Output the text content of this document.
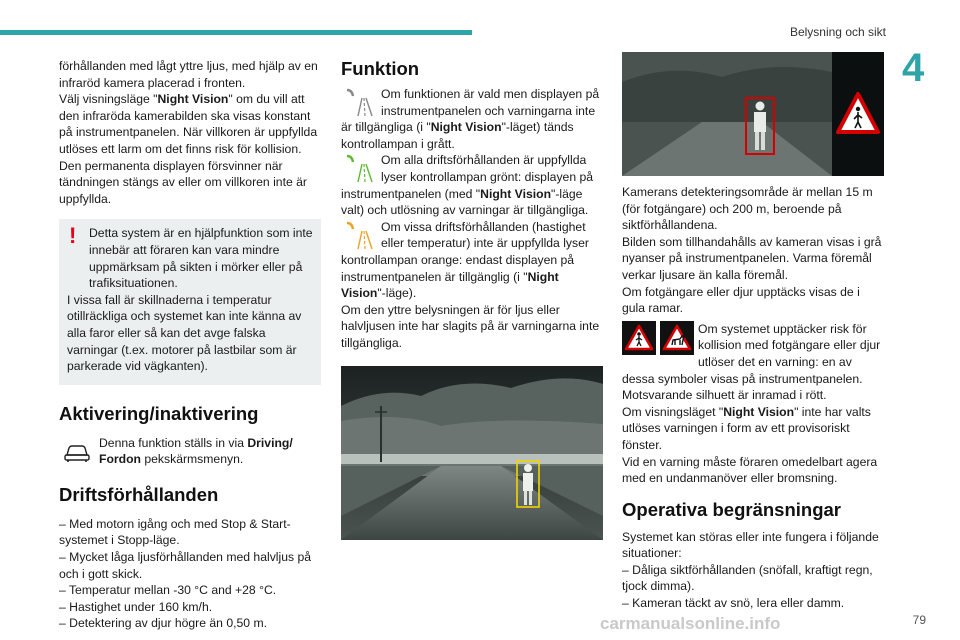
Belysning och sikt
4

förhållanden med lågt yttre ljus, med hjälp av en infraröd kamera placerad i fronten.

Välj visningsläge "Night Vision" om du vill att den infraröda kamerabilden ska visas konstant på instrumentpanelen. När villkoren är uppfyllda utlöses ett larm om det finns risk för kollision.

Den permanenta displayen försvinner när tändningen stängs av eller om villkoren inte är uppfyllda.

!	Detta system är en hjälpfunktion som inte innebär att föraren kan vara mindre uppmärksam på sikten i mörker eller på trafiksituationen.

I vissa fall är skillnaderna i temperatur otillräckliga och systemet kan inte känna av alla faror eller så kan det avge falska varningar (t.ex. motorer på lastbilar som är parkerade vid vägkanten).

Aktivering/inaktivering

Denna funktion ställs in via Driving/ Fordon pekskärmsmenyn.

Driftsförhållanden

– Med motorn igång och med Stop & Start-systemet i Stopp-läge.

– Mycket låga ljusförhållanden med halvljus på och i gott skick.

– Temperatur mellan -30 °C and +28 °C.

– Hastighet under 160 km/h.

– Detektering av djur högre än 0,50 m.

Funktion

Om funktionen är vald men displayen på instrumentpanelen och varningarna inte är tillgängliga (i "Night Vision"-läget) tänds kontrollampan i grått.

Om alla driftsförhållanden är uppfyllda lyser kontrollampan grönt: displayen på instrumentpanelen (med "Night Vision"-läge valt) och utlösning av varningar är tillgängliga.

Om vissa driftsförhållanden (hastighet eller temperatur) inte är uppfyllda lyser kontrollampan orange: endast displayen på instrumentpanelen är tillgänglig (i "Night Vision"-läge).

Om den yttre belysningen är för ljus eller halvljusen inte har slagits på är varningarna inte tillgängliga.

Kamerans detekteringsområde är mellan 15 m (för fotgängare) och 200 m, beroende på siktförhållandena.

Bilden som tillhandahålls av kameran visas i grå nyanser på instrumentpanelen. Varma föremål verkar ljusare än kalla föremål.

Om fotgängare eller djur upptäcks visas de i gula ramar.

Om systemet upptäcker risk för kollision med fotgängare eller djur utlöser det en varning: en av dessa symboler visas på instrumentpanelen. Motsvarande silhuett är inramad i rött.

Om visningsläget "Night Vision" inte har valts utlöses varningen i form av ett provisoriskt fönster.

Vid en varning måste föraren omedelbart agera med en undanmanöver eller bromsning.

Operativa begränsningar

Systemet kan störas eller inte fungera i följande situationer:

– Dåliga siktförhållanden (snöfall, kraftigt regn, tjock dimma).

– Kameran täckt av snö, lera eller damm.

carmanualsonline.info	79
